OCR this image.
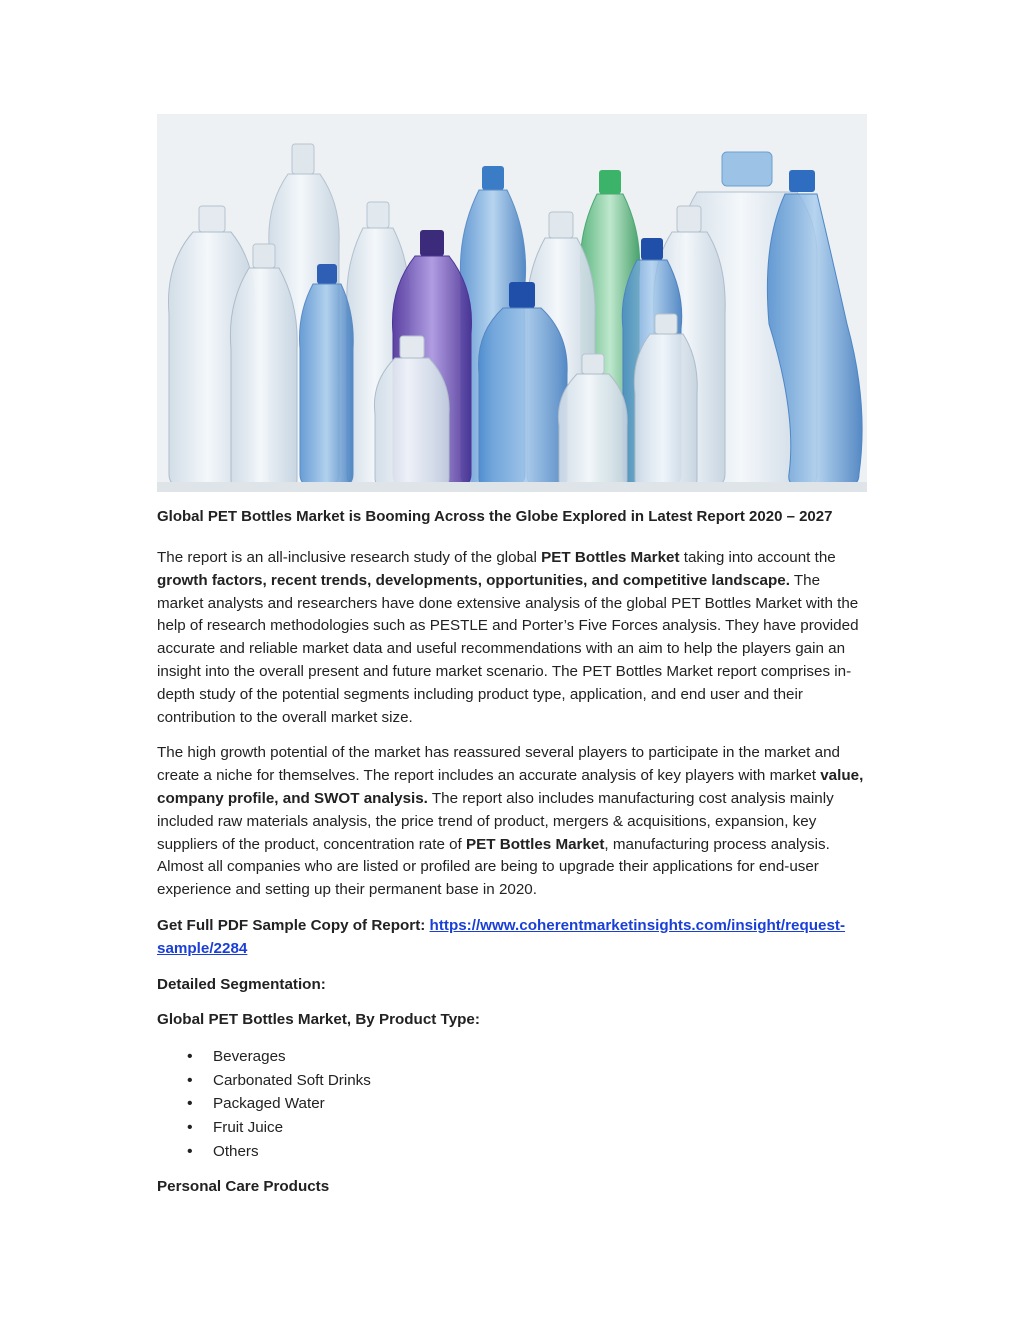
Global PET Bottles Market is Booming Across the Globe Explored in Latest Report 2020 – 2027

The report is an all-inclusive research study of the global PET Bottles Market taking into account the growth factors, recent trends, developments, opportunities, and competitive landscape. The market analysts and researchers have done extensive analysis of the global PET Bottles Market with the help of research methodologies such as PESTLE and Porter’s Five Forces analysis. They have provided accurate and reliable market data and useful recommendations with an aim to help the players gain an insight into the overall present and future market scenario. The PET Bottles Market report comprises in-depth study of the potential segments including product type, application, and end user and their contribution to the overall market size.

The high growth potential of the market has reassured several players to participate in the market and create a niche for themselves. The report includes an accurate analysis of key players with market value, company profile, and SWOT analysis. The report also includes manufacturing cost analysis mainly included raw materials analysis, the price trend of product, mergers & acquisitions, expansion, key suppliers of the product, concentration rate of PET Bottles Market, manufacturing process analysis. Almost all companies who are listed or profiled are being to upgrade their applications for end-user experience and setting up their permanent base in 2020.

Get Full PDF Sample Copy of Report: https://www.coherentmarketinsights.com/insight/request-sample/2284

Detailed Segmentation:

Global PET Bottles Market, By Product Type:

• Beverages
• Carbonated Soft Drinks
• Packaged Water
• Fruit Juice
• Others

Personal Care Products
